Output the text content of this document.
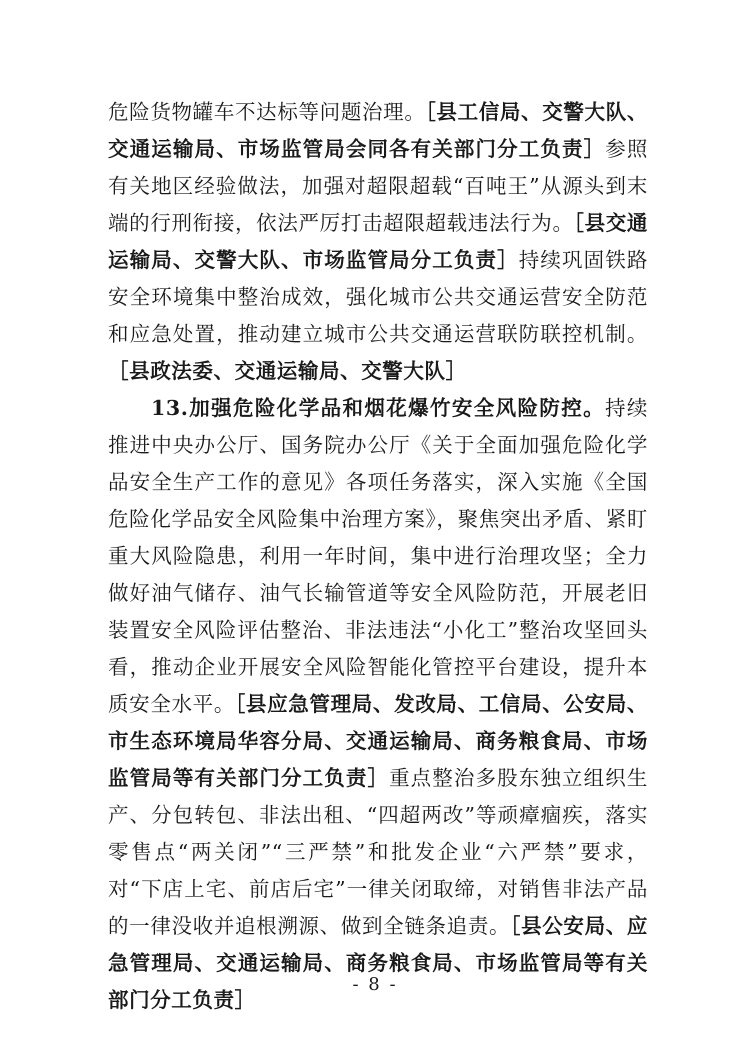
危险货物罐车不达标等问题治理。［县工信局、交警大队、交通运输局、市场监管局会同各有关部门分工负责］参照有关地区经验做法，加强对超限超载“百吨王”从源头到末端的行刑衔接，依法严厉打击超限超载违法行为。［县交通运输局、交警大队、市场监管局分工负责］持续巩固铁路安全环境集中整治成效，强化城市公共交通运营安全防范和应急处置，推动建立城市公共交通运营联防联控机制。［县政法委、交通运输局、交警大队］

13.加强危险化学品和烟花爆竹安全风险防控。持续推进中央办公厅、国务院办公厅《关于全面加强危险化学品安全生产工作的意见》各项任务落实，深入实施《全国危险化学品安全风险集中治理方案》，聚焦突出矛盾、紧盯重大风险隐患，利用一年时间，集中进行治理攻坚；全力做好油气储存、油气长输管道等安全风险防范，开展老旧装置安全风险评估整治、非法违法“小化工”整治攻坚回头看，推动企业开展安全风险智能化管控平台建设，提升本质安全水平。［县应急管理局、发改局、工信局、公安局、市生态环境局华容分局、交通运输局、商务粮食局、市场监管局等有关部门分工负责］重点整治多股东独立组织生产、分包转包、非法出租、“四超两改”等顽瘴痼疾，落实零售点“两关闭”“三严禁”和批发企业“六严禁”要求，对“下店上宅、前店后宅”一律关闭取缔，对销售非法产品的一律没收并追根溯源、做到全链条追责。［县公安局、应急管理局、交通运输局、商务粮食局、市场监管局等有关部门分工负责］

- 8 -
